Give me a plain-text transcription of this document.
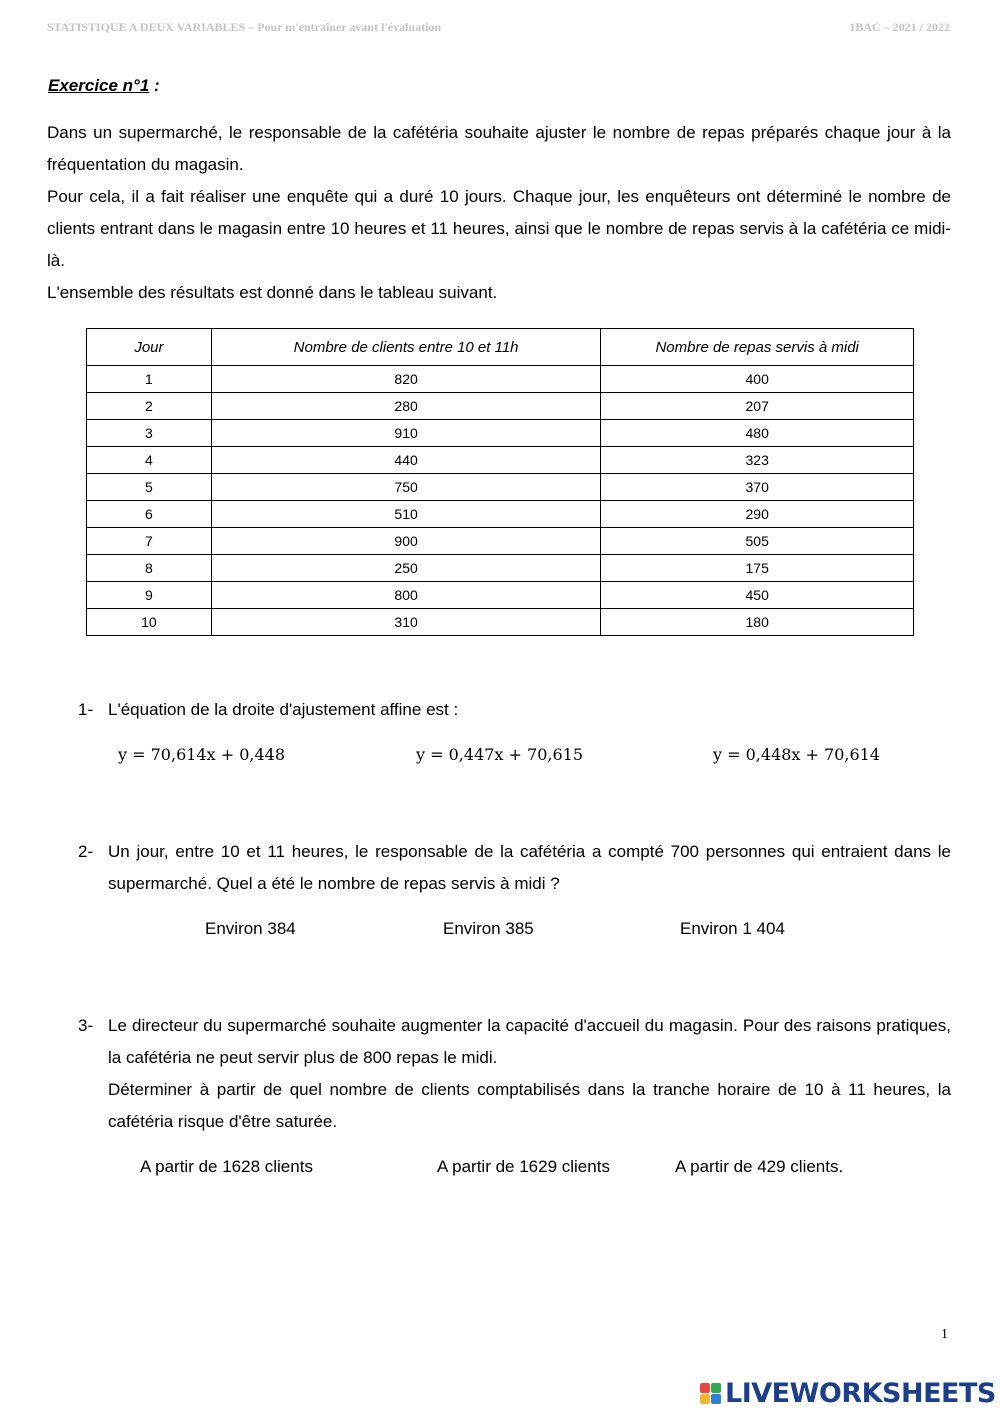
STATISTIQUE A DEUX VARIABLES – Pour m'entraîner avant l'évaluation	1BAC – 2021 / 2022
Exercice n°1 :

Dans un supermarché, le responsable de la cafétéria souhaite ajuster le nombre de repas préparés chaque jour à la fréquentation du magasin.

Pour cela, il a fait réaliser une enquête qui a duré 10 jours. Chaque jour, les enquêteurs ont déterminé le nombre de clients entrant dans le magasin entre 10 heures et 11 heures, ainsi que le nombre de repas servis à la cafétéria ce midi-là.

L'ensemble des résultats est donné dans le tableau suivant.

Jour	Nombre de clients entre 10 et 11h	Nombre de repas servis à midi
1	820	400
2	280	207
3	910	480
4	440	323
5	750	370
6	510	290
7	900	505
8	250	175
9	800	450
10	310	180
1- L'équation de la droite d'ajustement affine est :
y = 70,614x + 0,448	y = 0,447x + 70,615	y = 0,448x + 70,614
2- Un jour, entre 10 et 11 heures, le responsable de la cafétéria a compté 700 personnes qui entraient dans le supermarché. Quel a été le nombre de repas servis à midi ?
Environ 384	Environ 385	Environ 1 404
3- Le directeur du supermarché souhaite augmenter la capacité d'accueil du magasin. Pour des raisons pratiques, la cafétéria ne peut servir plus de 800 repas le midi.
Déterminer à partir de quel nombre de clients comptabilisés dans la tranche horaire de 10 à 11 heures, la cafétéria risque d'être saturée.
A partir de 1628 clients	A partir de 1629 clients	A partir de 429 clients.
1
LIVEWORKSHEETS
